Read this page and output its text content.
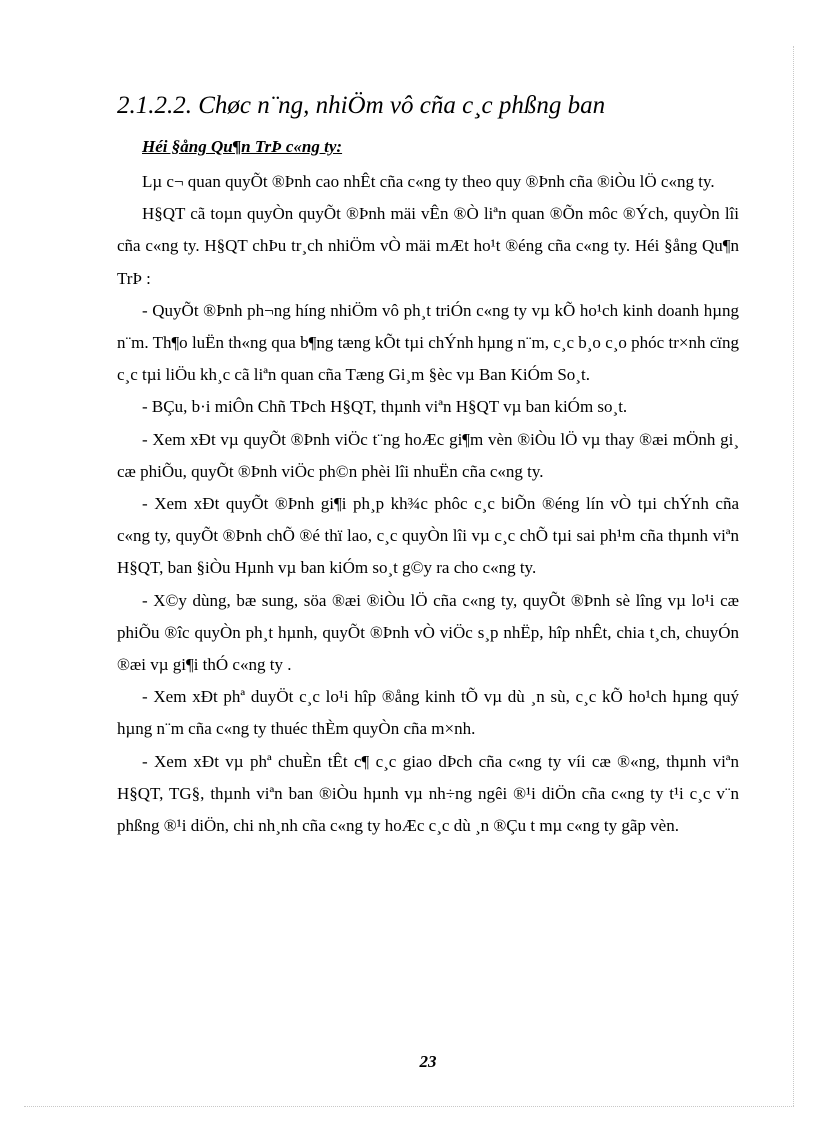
2.1.2.2. Chøc n¨ng, nhiÖm vô cña c¸c phßng ban
Héi §ång Qu¶n TrÞ c«ng ty:

Lµ c¬ quan quyÕt ®Þnh cao nhÊt cña c«ng ty theo quy ®Þnh cña ®iÒu lÖ c«ng ty.

H§QT cã toµn quyÒn quyÕt ®Þnh mäi vÊn ®Ò liªn quan ®Õn môc ®Ých, quyÒn lîi cña c«ng ty. H§QT chÞu tr¸ch nhiÖm vÒ mäi mÆt ho¹t ®éng cña c«ng ty. Héi §ång Qu¶n TrÞ :

- QuyÕt ®Þnh ph¬ng híng nhiÖm vô ph¸t triÓn c«ng ty vµ kÕ ho¹ch kinh doanh hµng n¨m. Th¶o luËn th«ng qua b¶ng tæng kÕt tµi chÝnh hµng n¨m, c¸c b¸o c¸o phóc tr×nh cïng c¸c tµi liÖu kh¸c cã liªn quan cña Tæng Gi¸m §èc vµ Ban KiÓm So¸t.

- BÇu, b·i miÔn Chñ TÞch H§QT, thµnh viªn H§QT vµ ban kiÓm so¸t.

- Xem xÐt vµ quyÕt ®Þnh viÖc t¨ng hoÆc gi¶m vèn ®iÒu lÖ vµ thay ®æi mÖnh gi¸ cæ phiÕu, quyÕt ®Þnh viÖc ph©n phèi lîi nhuËn cña c«ng ty.

- Xem xÐt quyÕt ®Þnh gi¶i ph¸p kh¾c phôc c¸c biÕn ®éng lín vÒ tµi chÝnh cña c«ng ty, quyÕt ®Þnh chÕ ®é thï lao, c¸c quyÒn lîi vµ c¸c chÕ tµi sai ph¹m cña thµnh viªn H§QT, ban §iÒu Hµnh vµ ban kiÓm so¸t g©y ra cho c«ng ty.

- X©y dùng, bæ sung, söa ®æi ®iÒu lÖ cña c«ng ty, quyÕt ®Þnh sè lîng vµ lo¹i cæ phiÕu ®îc quyÒn ph¸t hµnh, quyÕt ®Þnh vÒ viÖc s¸p nhËp, hîp nhÊt, chia t¸ch, chuyÓn ®æi vµ gi¶i thÓ c«ng ty .

- Xem xÐt phª duyÖt c¸c lo¹i hîp ®ång kinh tÕ vµ dù ¸n sù, c¸c kÕ ho¹ch hµng quý hµng n¨m cña c«ng ty thuéc thÈm quyÒn cña m×nh.

- Xem xÐt vµ phª chuÈn tÊt c¶ c¸c giao dÞch cña c«ng ty víi cæ ®«ng, thµnh viªn H§QT, TG§, thµnh viªn ban ®iÒu hµnh vµ nh÷ng ngêi ®¹i diÖn cña c«ng ty t¹i c¸c v¨n phßng ®¹i diÖn, chi nh¸nh cña c«ng ty hoÆc c¸c dù ¸n ®Çu t mµ c«ng ty gãp vèn.

23
